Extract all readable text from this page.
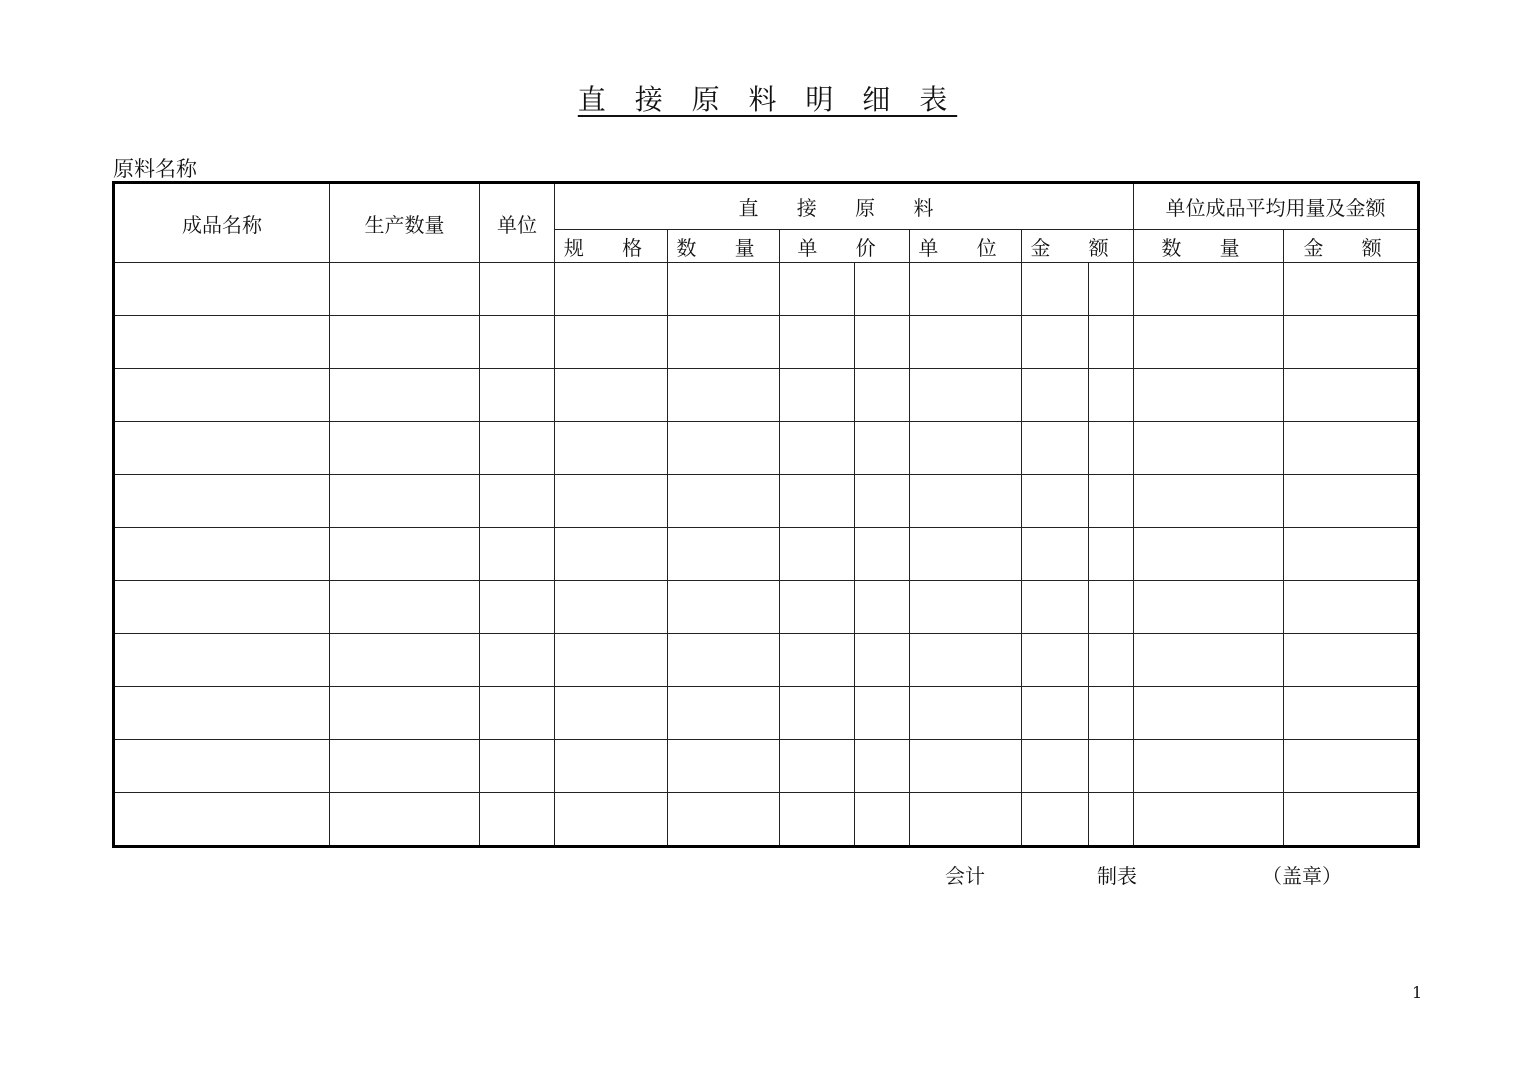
直 接 原 料 明 细 表
原料名称
成品名称	生产数量	单位	直 接 原 料							单位成品平均用量及金额	
			规 格	数 量	单 价		单 位	金 额		数 量	金 额

会计	制表	（盖章）
1
